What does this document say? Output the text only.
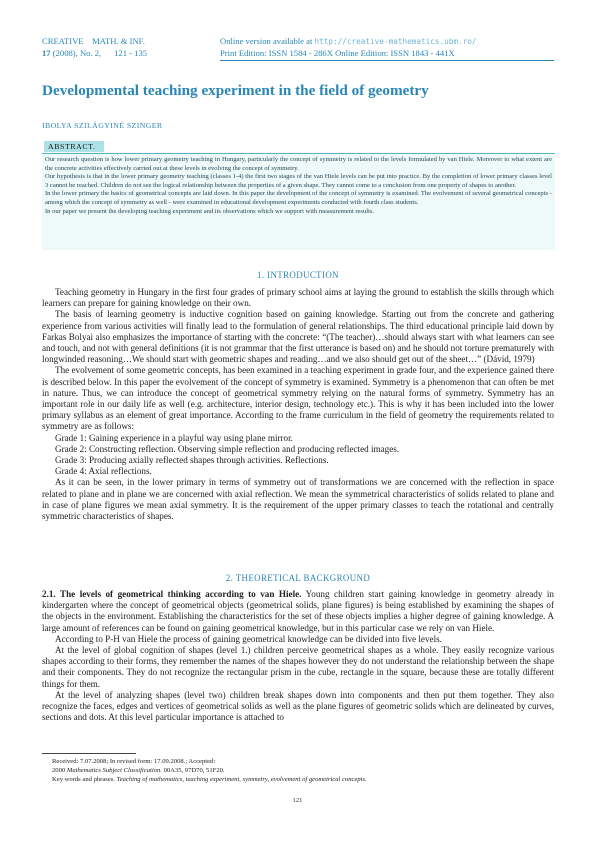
CREATIVE    MATH. & INF.
17 (2008), No. 2, 121 - 135
Online version available at http://creative-mathematics.ubm.ro/
Print Edition: ISSN 1584 - 286X Online Edition: ISSN 1843 - 441X
Developmental teaching experiment in the field of geometry
IBOLYA SZILÁGYINÉ SZINGER
ABSTRACT.

Our research question is how lower primary geometry teaching in Hungary, particularly the concept of symmetry is related to the levels formulated by van Hiele. Moreover to what extent are the concrete activities effectively carried out at these levels in evolving the concept of symmetry.

Our hypothesis is that in the lower primary geometry teaching (classes 1-4) the first two stages of the van Hiele levels can be put into practice. By the completion of lower primary classes level 3 cannot be reached. Children do not see the logical relationship between the properties of a given shape. They cannot come to a conclusion from one property of shapes to another.

In the lower primary the basics of geometrical concepts are laid down. In this paper the development of the concept of symmetry is examined. The evolvement of several geometrical concepts - among which the concept of symmetry as well - were examined in educational development experiments conducted with fourth class students.

In our paper we present the developing teaching experiment and its observations which we support with measurement results.

1. INTRODUCTION

Teaching geometry in Hungary in the first four grades of primary school aims at laying the ground to establish the skills through which learners can prepare for gaining knowledge on their own.

The basis of learning geometry is inductive cognition based on gaining knowledge. Starting out from the concrete and gathering experience from various activities will finally lead to the formulation of general relationships. The third educational principle laid down by Farkas Bolyai also emphasizes the importance of starting with the concrete: “(The teacher)…should always start with what learners can see and touch, and not with general definitions (it is not grammar that the first utterance is based on) and he should not torture prematurely with longwinded reasoning…We should start with geometric shapes and reading…and we also should get out of the sheet…” (Dávid, 1979)

The evolvement of some geometric concepts, has been examined in a teaching experiment in grade four, and the experience gained there is described below. In this paper the evolvement of the concept of symmetry is examined. Symmetry is a phenomenon that can often be met in nature. Thus, we can introduce the concept of geometrical symmetry relying on the natural forms of symmetry. Symmetry has an important role in our daily life as well (e.g. architecture, interior design, technology etc.). This is why it has been included into the lower primary syllabus as an element of great importance. According to the frame curriculum in the field of geometry the requirements related to symmetry are as follows:

Grade 1: Gaining experience in a playful way using plane mirror.

Grade 2: Constructing reflection. Observing simple reflection and producing reflected images.

Grade 3: Producing axially reflected shapes through activities. Reflections.

Grade 4: Axial reflections.

As it can be seen, in the lower primary in terms of symmetry out of transformations we are concerned with the reflection in space related to plane and in plane we are concerned with axial reflection. We mean the symmetrical characteristics of solids related to plane and in case of plane figures we mean axial symmetry. It is the requirement of the upper primary classes to teach the rotational and centrally symmetric characteristics of shapes.

2. THEORETICAL BACKGROUND

2.1. The levels of geometrical thinking according to van Hiele. Young children start gaining knowledge in geometry already in kindergarten where the concept of geometrical objects (geometrical solids, plane figures) is being established by examining the shapes of the objects in the environment. Establishing the characteristics for the set of these objects implies a higher degree of gaining knowledge. A large amount of references can be found on gaining geometrical knowledge, but in this particular case we rely on van Hiele.

According to P-H van Hiele the process of gaining geometrical knowledge can be divided into five levels.

At the level of global cognition of shapes (level 1.) children perceive geometrical shapes as a whole. They easily recognize various shapes according to their forms, they remember the names of the shapes however they do not understand the relationship between the shape and their components. They do not recognize the rectangular prism in the cube, rectangle in the square, because these are totally different things for them.

At the level of analyzing shapes (level two) children break shapes down into components and then put them together. They also recognize the faces, edges and vertices of geometrical solids as well as the plane figures of geometric solids which are delineated by curves, sections and dots. At this level particular importance is attached to

Received: 7.07.2008; In revised form: 17.09.2008.; Accepted:
2000 Mathematics Subject Classification. 00A35, 97D70, 51F20.
Key words and phrases. Teaching of mathematics, teaching experiment, symmetry, evolvement of geometrical concepts.
121
